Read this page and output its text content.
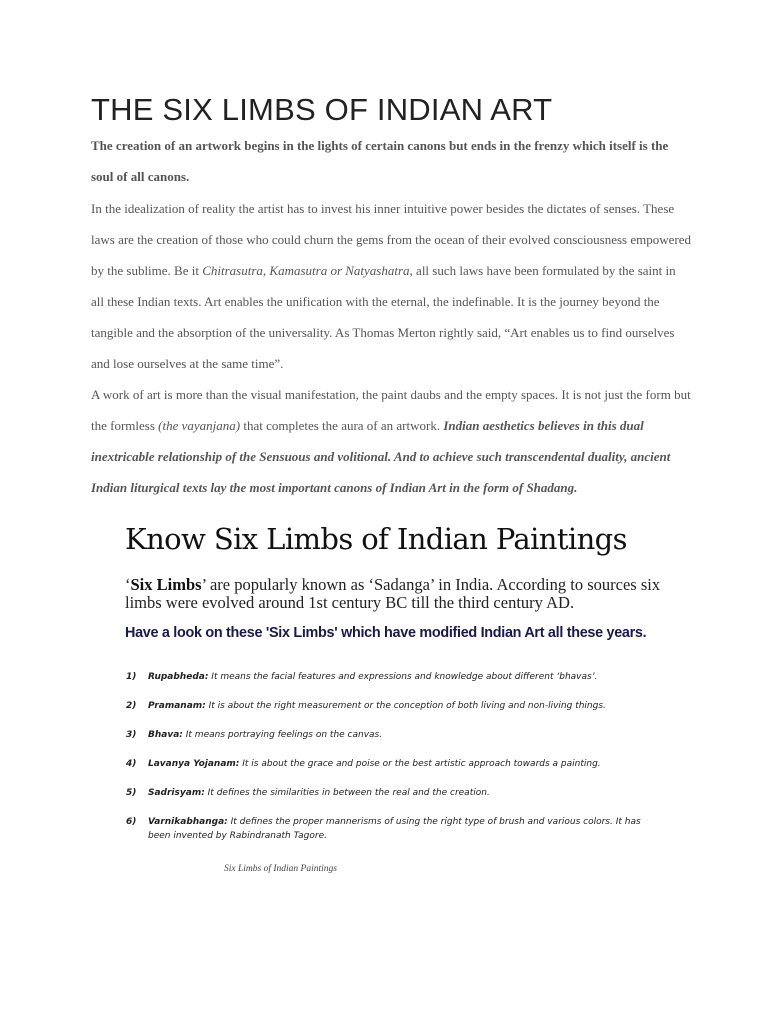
THE SIX LIMBS OF INDIAN ART

The creation of an artwork begins in the lights of certain canons but ends in the frenzy which itself is the soul of all canons.

In the idealization of reality the artist has to invest his inner intuitive power besides the dictates of senses. These laws are the creation of those who could churn the gems from the ocean of their evolved consciousness empowered by the sublime. Be it Chitrasutra, Kamasutra or Natyashatra, all such laws have been formulated by the saint in all these Indian texts. Art enables the unification with the eternal, the indefinable. It is the journey beyond the tangible and the absorption of the universality. As Thomas Merton rightly said, “Art enables us to find ourselves and lose ourselves at the same time”.

A work of art is more than the visual manifestation, the paint daubs and the empty spaces. It is not just the form but the formless (the vayanjana) that completes the aura of an artwork. Indian aesthetics believes in this dual inextricable relationship of the Sensuous and volitional. And to achieve such transcendental duality, ancient Indian liturgical texts lay the most important canons of Indian Art in the form of Shadang.

Know Six Limbs of Indian Paintings
‘Six Limbs’ are popularly known as ‘Sadanga’ in India. According to sources six limbs were evolved around 1st century BC till the third century AD.
Have a look on these 'Six Limbs' which have modified Indian Art all these years.
1) Rupabheda: It means the facial features and expressions and knowledge about different ‘bhavas’.
2) Pramanam: It is about the right measurement or the conception of both living and non-living things.
3) Bhava: It means portraying feelings on the canvas.
4) Lavanya Yojanam: It is about the grace and poise or the best artistic approach towards a painting.
5) Sadrisyam: It defines the similarities in between the real and the creation.
6) Varnikabhanga: It defines the proper mannerisms of using the right type of brush and various colors. It has been invented by Rabindranath Tagore.
Six Limbs of Indian Paintings
